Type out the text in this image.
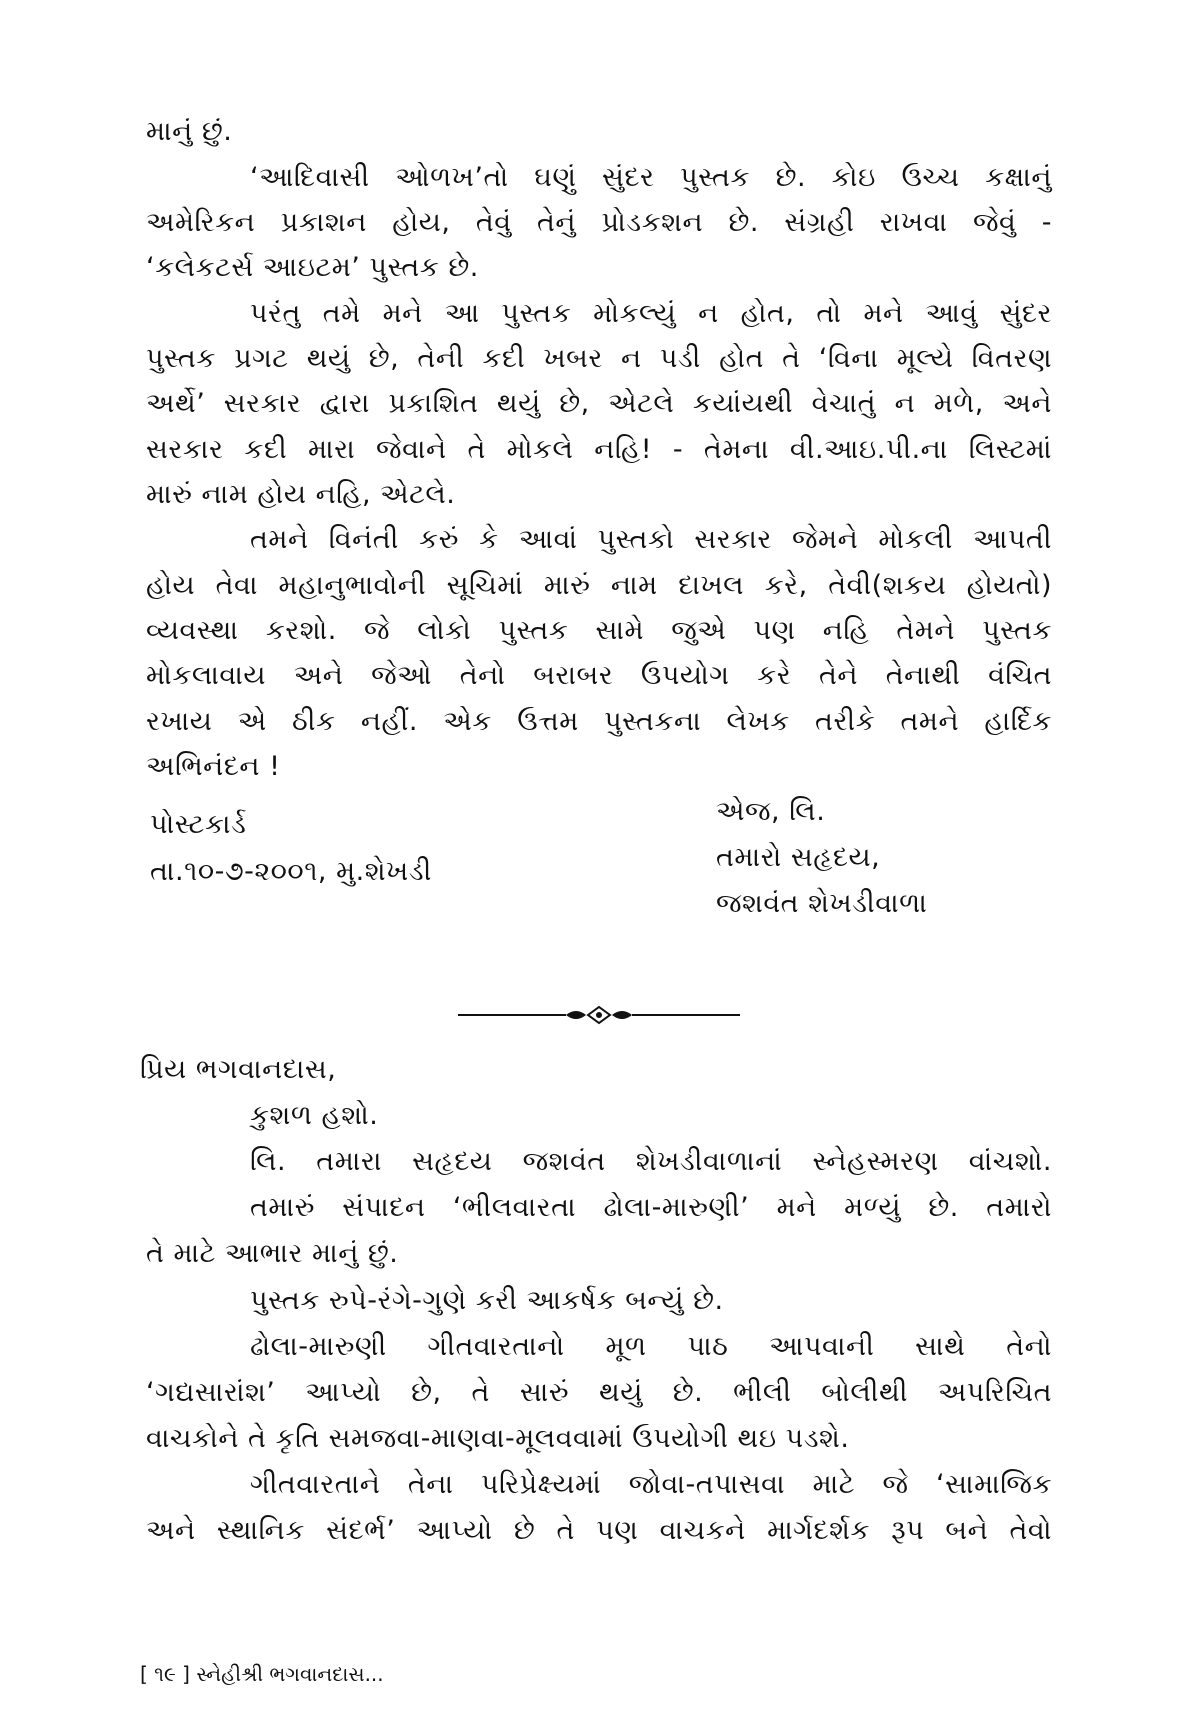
માનું છું.
‘આદિવાસી ઓળખ’તો ઘણું સુંદર પુસ્તક છે. કોઇ ઉચ્ચ કક્ષાનું
અમેરિકન પ્રકાશન હોય, તેવું તેનું પ્રોડકશન છે. સંગ્રહી રાખવા જેવું -
‘કલેકટર્સ આઇટમ’ પુસ્તક છે.
પરંતુ તમે મને આ પુસ્તક મોકલ્યું ન હોત, તો મને આવું સુંદર
પુસ્તક પ્રગટ થયું છે, તેની કદી ખબર ન પડી હોત તે ‘વિના મૂલ્યે વિતરણ
અર્થે’ સરકાર દ્વારા પ્રકાશિત થયું છે, એટલે કયાંયથી વેચાતું ન મળે, અને
સરકાર કદી મારા જેવાને તે મોકલે નહિ! - તેમના વી.આઇ.પી.ના લિસ્ટમાં
મારું નામ હોય નહિ, એટલે.
તમને વિનંતી કરું કે આવાં પુસ્તકો સરકાર જેમને મોકલી આપતી
હોય તેવા મહાનુભાવોની સૂચિમાં મારું નામ દાખલ કરે, તેવી(શકય હોયતો)
વ્યવસ્થા કરશો. જે લોકો પુસ્તક સામે જુએ પણ નહિ તેમને પુસ્તક
મોકલાવાય અને જેઓ તેનો બરાબર ઉપયોગ કરે તેને તેનાથી વંચિત
રખાય એ ઠીક નહીં. એક ઉત્તમ પુસ્તકના લેખક તરીકે તમને હાર્દિક
અભિનંદન !
પોસ્ટકાર્ડ
તા.૧૦-૭-૨૦૦૧, મુ.શેખડી
એજ, લિ.
તમારો સહૃદય,
જશવંત શેખડીવાળા
પ્રિય ભગવાનદાસ,
કુશળ હશો.
લિ. તમારા સહૃદય જશવંત શેખડીવાળાનાં સ્નેહસ્મરણ વાંચશો.
તમારું સંપાદન ‘ભીલવારતા ઢોલા-મારુણી’ મને મળ્યું છે. તમારો
તે માટે આભાર માનું છું.
પુસ્તક રુપે-રંગે-ગુણે કરી આકર્ષક બન્યું છે.
ઢોલા-મારુણી ગીતવારતાનો મૂળ પાઠ આપવાની સાથે તેનો
‘ગદ્યસારાંશ’ આપ્યો છે, તે સારું થયું છે. ભીલી બોલીથી અપરિચિત
વાચકોને તે કૃતિ સમજવા-માણવા-મૂલવવામાં ઉપયોગી થઇ પડશે.
ગીતવારતાને તેના પરિપ્રેક્ષ્યમાં જોવા-તપાસવા માટે જે ‘સામાજિક
અને સ્થાનિક સંદર્ભ’ આપ્યો છે તે પણ વાચકને માર્ગદર્શક રૂપ બને તેવો
[ ૧૯ ] સ્નેહીશ્રી ભગવાનદાસ...
